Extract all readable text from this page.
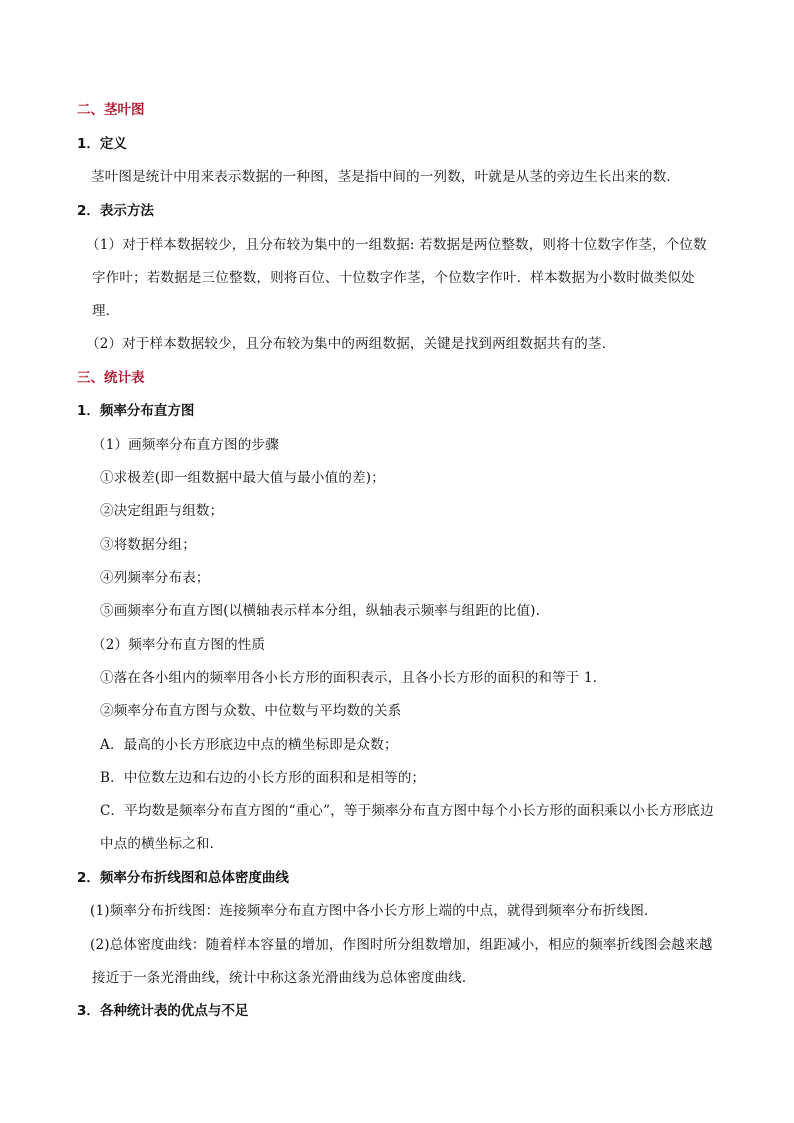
二、茎叶图
1．定义
茎叶图是统计中用来表示数据的一种图，茎是指中间的一列数，叶就是从茎的旁边生长出来的数．
2．表示方法
（1）对于样本数据较少，且分布较为集中的一组数据: 若数据是两位整数，则将十位数字作茎，个位数
字作叶；若数据是三位整数，则将百位、十位数字作茎，个位数字作叶．样本数据为小数时做类似处
理．
（2）对于样本数据较少，且分布较为集中的两组数据，关键是找到两组数据共有的茎．
三、统计表
1．频率分布直方图
（1）画频率分布直方图的步骤
①求极差(即一组数据中最大值与最小值的差)；
②决定组距与组数；
③将数据分组；
④列频率分布表；
⑤画频率分布直方图(以横轴表示样本分组，纵轴表示频率与组距的比值).
（2）频率分布直方图的性质
①落在各小组内的频率用各小长方形的面积表示，且各小长方形的面积的和等于 1.
②频率分布直方图与众数、中位数与平均数的关系
A．最高的小长方形底边中点的横坐标即是众数；
B．中位数左边和右边的小长方形的面积和是相等的；
C．平均数是频率分布直方图的“重心”，等于频率分布直方图中每个小长方形的面积乘以小长方形底边
中点的横坐标之和．
2．频率分布折线图和总体密度曲线
(1)频率分布折线图：连接频率分布直方图中各小长方形上端的中点，就得到频率分布折线图．
(2)总体密度曲线：随着样本容量的增加，作图时所分组数增加，组距减小，相应的频率折线图会越来越
接近于一条光滑曲线，统计中称这条光滑曲线为总体密度曲线．
3．各种统计表的优点与不足
